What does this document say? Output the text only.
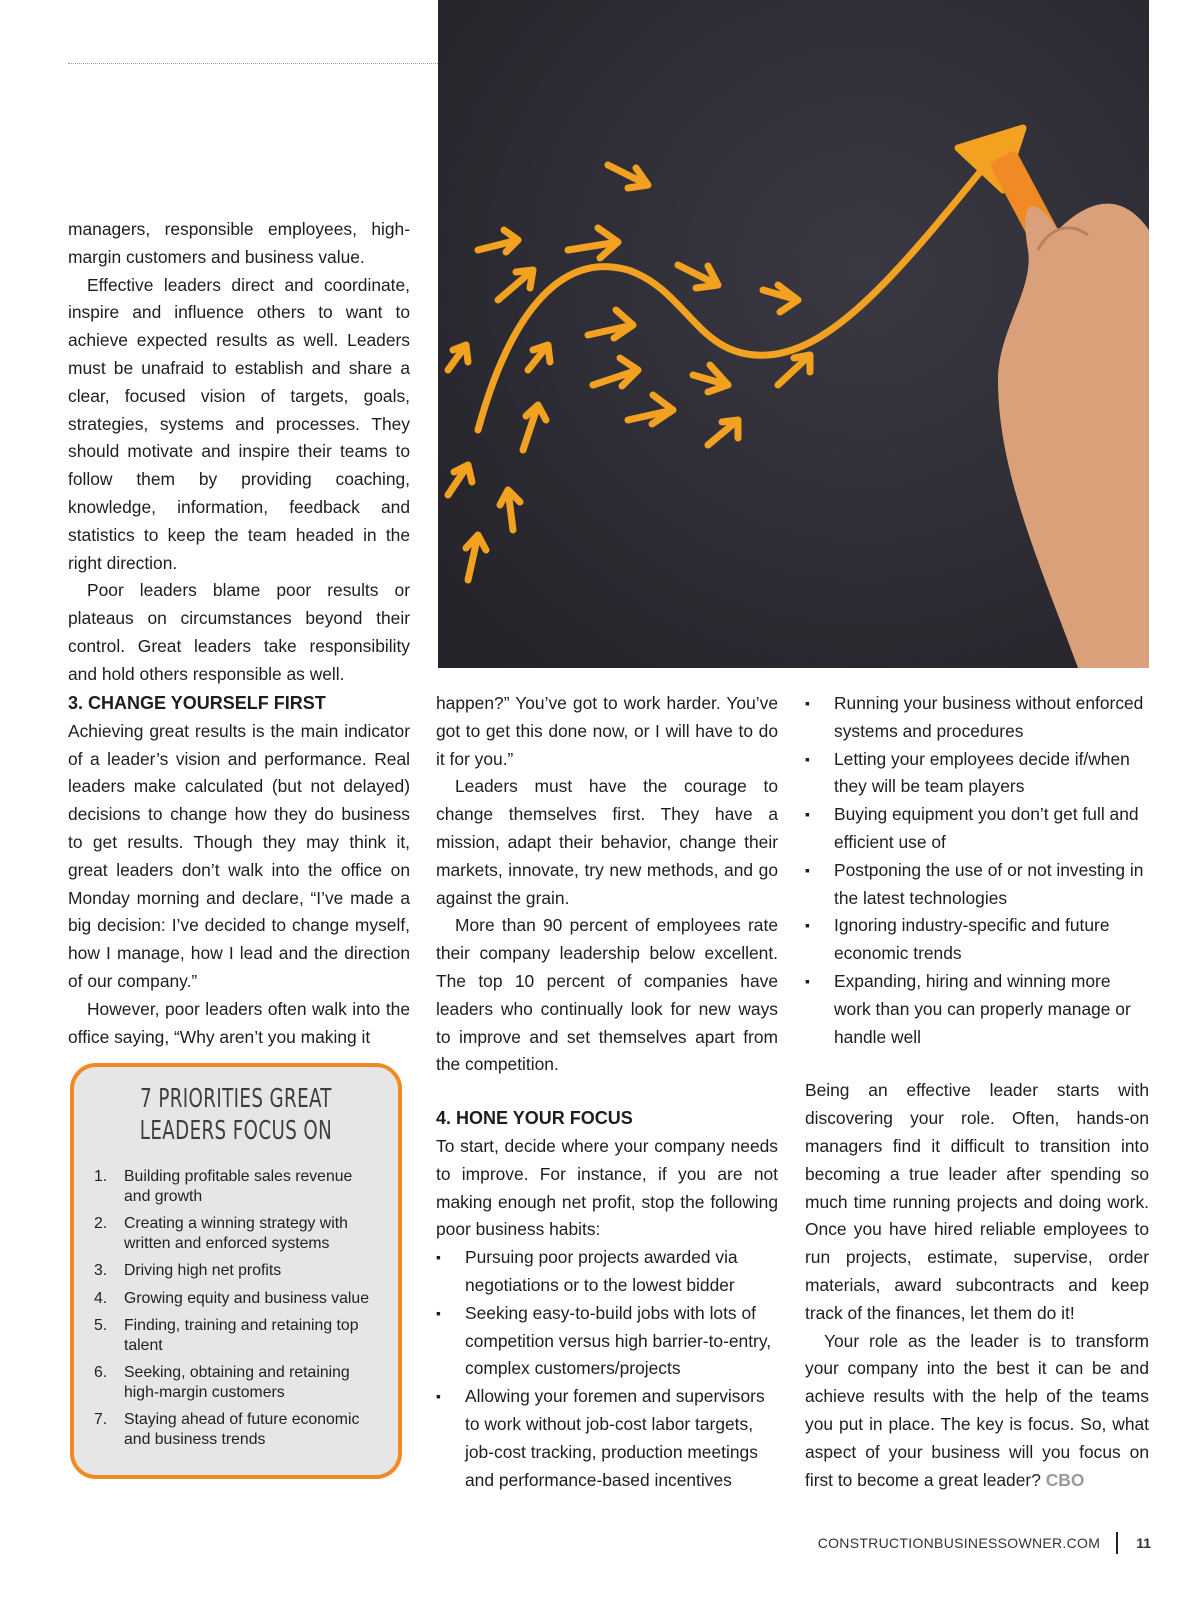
managers, responsible employees, high-margin customers and business value.

Effective leaders direct and coordinate, inspire and influence others to want to achieve expected results as well. Leaders must be unafraid to establish and share a clear, focused vision of targets, goals, strategies, systems and processes. They should motivate and inspire their teams to follow them by providing coaching, knowledge, information, feedback and statistics to keep the team headed in the right direction.

Poor leaders blame poor results or plateaus on circumstances beyond their control. Great leaders take responsibility and hold others responsible as well.

3. CHANGE YOURSELF FIRST

Achieving great results is the main indicator of a leader’s vision and performance. Real leaders make calculated (but not delayed) decisions to change how they do business to get results. Though they may think it, great leaders don’t walk into the office on Monday morning and declare, “I’ve made a big decision: I’ve decided to change myself, how I manage, how I lead and the direction of our company.”

However, poor leaders often walk into the office saying, “Why aren’t you making it

7 PRIORITIES GREAT
LEADERS FOCUS ON
1.	Building profitable sales revenue and growth
2.	Creating a winning strategy with written and enforced systems
3.	Driving high net profits
4.	Growing equity and business value
5.	Finding, training and retaining top talent
6.	Seeking, obtaining and retaining high-margin customers
7.	Staying ahead of future economic and business trends

happen?” You’ve got to work harder. You’ve got to get this done now, or I will have to do it for you.”

Leaders must have the courage to change themselves first. They have a mission, adapt their behavior, change their markets, innovate, try new methods, and go against the grain.

More than 90 percent of employees rate their company leadership below excellent. The top 10 percent of companies have leaders who continually look for new ways to improve and set themselves apart from the competition.

4. HONE YOUR FOCUS

To start, decide where your company needs to improve. For instance, if you are not making enough net profit, stop the following poor business habits:

▪ Pursuing poor projects awarded via negotiations or to the lowest bidder
▪ Seeking easy-to-build jobs with lots of competition versus high barrier-to-entry, complex customers/projects
▪ Allowing your foremen and supervisors to work without job-cost labor targets, job-cost tracking, production meetings and performance-based incentives
▪ Running your business without enforced systems and procedures
▪ Letting your employees decide if/when they will be team players
▪ Buying equipment you don’t get full and efficient use of
▪ Postponing the use of or not investing in the latest technologies
▪ Ignoring industry-specific and future economic trends
▪ Expanding, hiring and winning more work than you can properly manage or handle well

Being an effective leader starts with discovering your role. Often, hands-on managers find it difficult to transition into becoming a true leader after spending so much time running projects and doing work. Once you have hired reliable employees to run projects, estimate, supervise, order materials, award subcontracts and keep track of the finances, let them do it!

Your role as the leader is to transform your company into the best it can be and achieve results with the help of the teams you put in place. The key is focus. So, what aspect of your business will you focus on first to become a great leader? CBO

CONSTRUCTIONBUSINESSOWNER.COM	11
